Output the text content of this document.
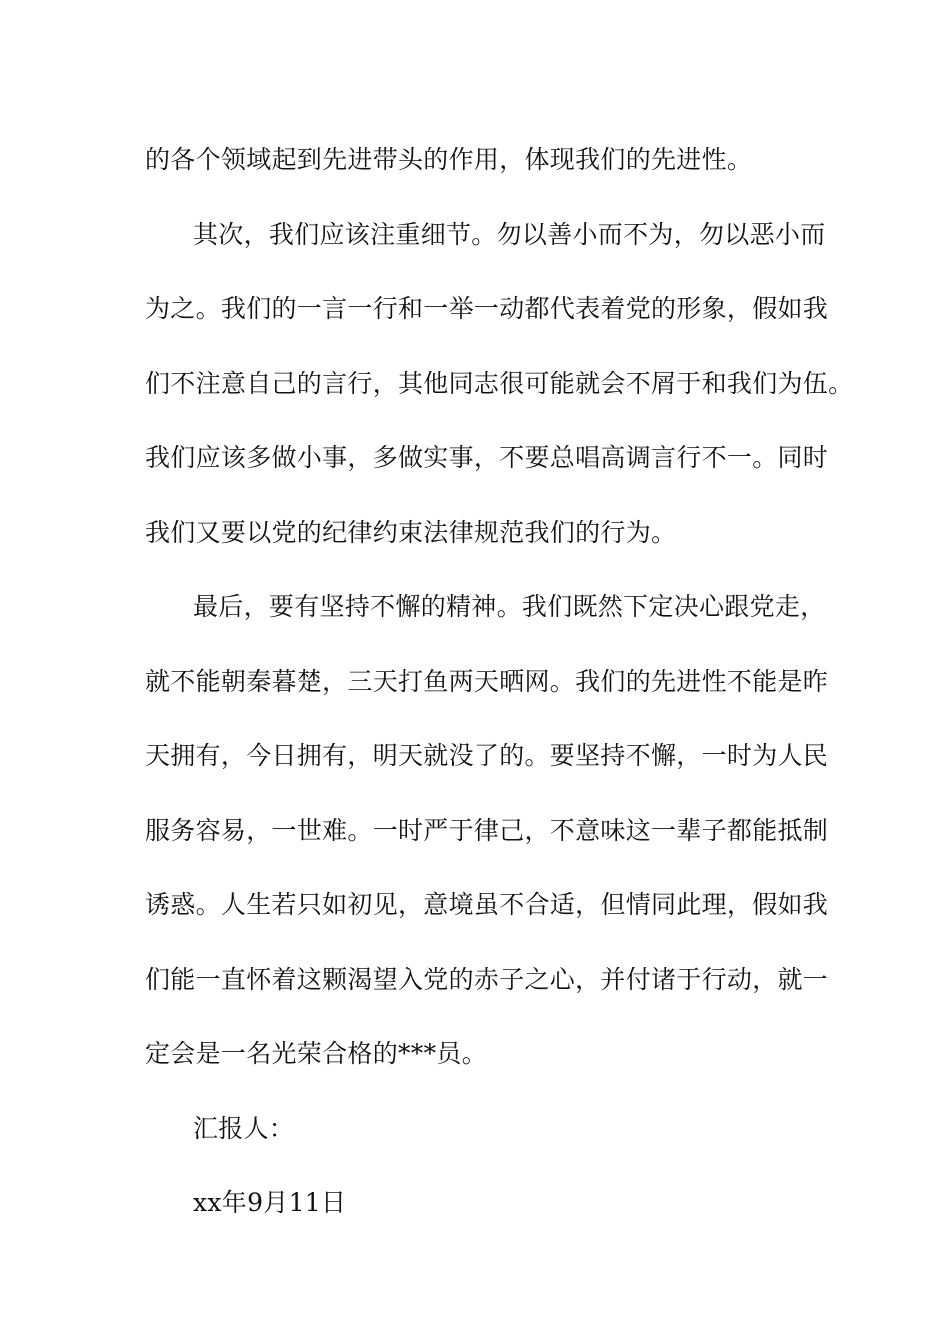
的各个领域起到先进带头的作用，体现我们的先进性。
其次，我们应该注重细节。勿以善小而不为，勿以恶小而
为之。我们的一言一行和一举一动都代表着党的形象，假如我
们不注意自己的言行，其他同志很可能就会不屑于和我们为伍。
我们应该多做小事，多做实事，不要总唱高调言行不一。同时
我们又要以党的纪律约束法律规范我们的行为。
最后，要有坚持不懈的精神。我们既然下定决心跟党走，
就不能朝秦暮楚，三天打鱼两天晒网。我们的先进性不能是昨
天拥有，今日拥有，明天就没了的。要坚持不懈，一时为人民
服务容易，一世难。一时严于律己，不意味这一辈子都能抵制
诱惑。人生若只如初见，意境虽不合适，但情同此理，假如我
们能一直怀着这颗渴望入党的赤子之心，并付诸于行动，就一
定会是一名光荣合格的***员。
汇报人：
xx年9月11日
